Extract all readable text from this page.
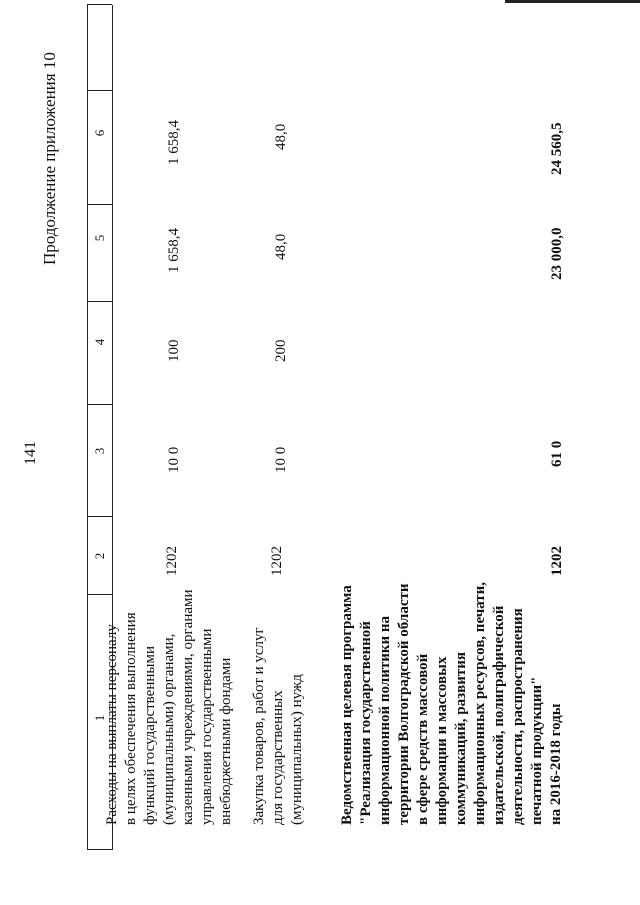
141
Продолжение приложения 10
1
2
3
4
5
6
Расходы на выплаты персоналу в целях обеспечения выполнения функций государственными (муниципальными) органами, казенными учреждениями, органами управления государственными внебюджетными фондами
1202
10 0
100
1 658,4
1 658,4
Закупка товаров, работ и услуг для государственных (муниципальных) нужд
1202
10 0
200
48,0
48,0
Ведомственная целевая программа "Реализация государственной информационной политики на территории Волгоградской области в сфере средств массовой информации и массовых коммуникаций, развития информационных ресурсов, печати, издательской, полиграфической деятельности, распространения печатной продукции" на 2016-2018 годы
1202
61 0
23 000,0
24 560,5
